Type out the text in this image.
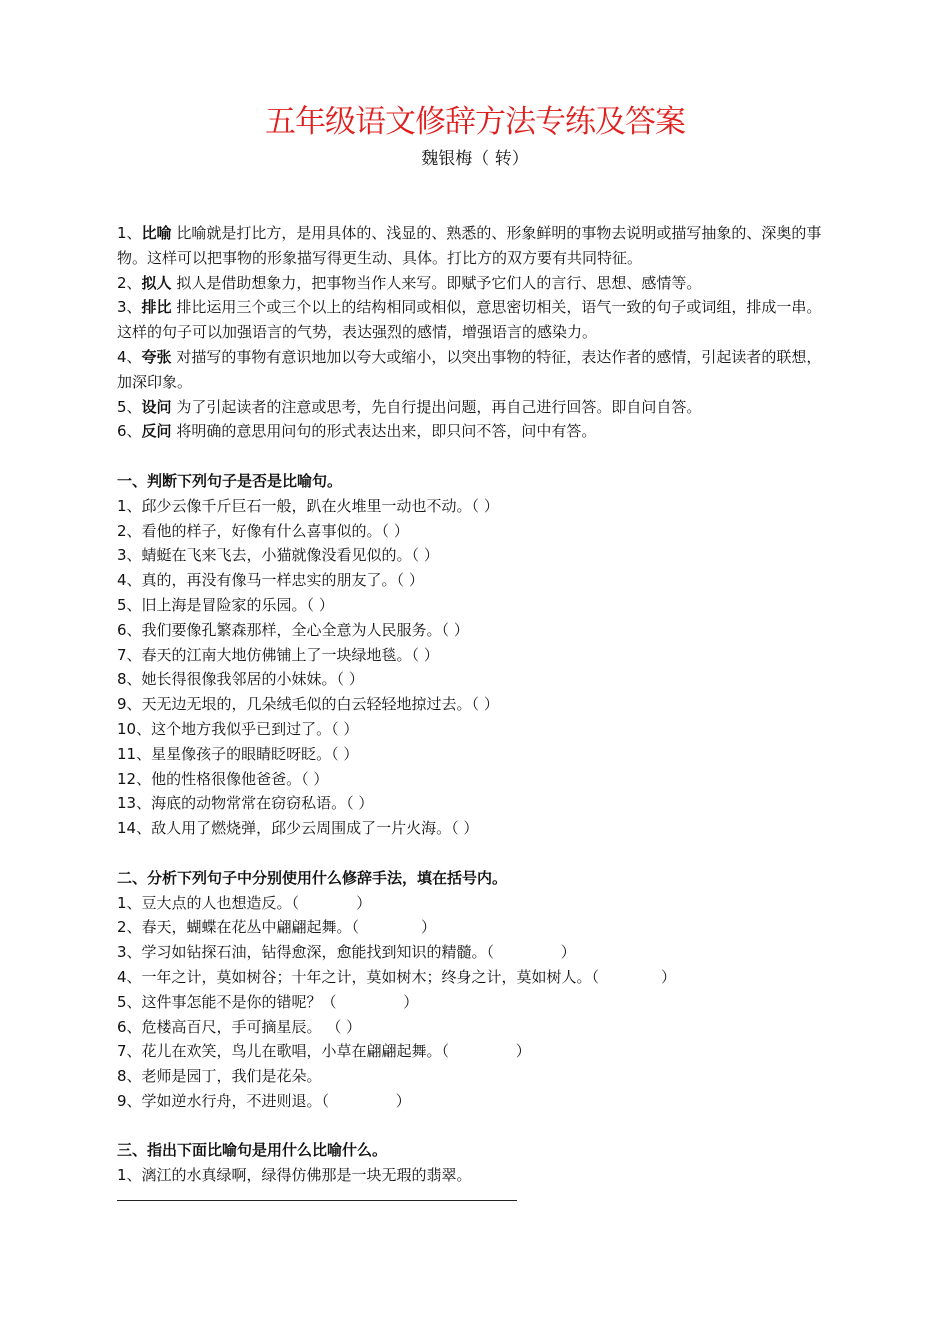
五年级语文修辞方法专练及答案
魏银梅（ 转）

1、比喻 比喻就是打比方，是用具体的、浅显的、熟悉的、形象鲜明的事物去说明或描写抽象的、深奥的事物。这样可以把事物的形象描写得更生动、具体。打比方的双方要有共同特征。

2、拟人 拟人是借助想象力，把事物当作人来写。即赋予它们人的言行、思想、感情等。

3、排比 排比运用三个或三个以上的结构相同或相似，意思密切相关，语气一致的句子或词组，排成一串。这样的句子可以加强语言的气势，表达强烈的感情，增强语言的感染力。

4、夸张 对描写的事物有意识地加以夸大或缩小，以突出事物的特征，表达作者的感情，引起读者的联想，加深印象。

5、设问 为了引起读者的注意或思考，先自行提出问题，再自己进行回答。即自问自答。

6、反问 将明确的意思用问句的形式表达出来，即只问不答，问中有答。

一、判断下列句子是否是比喻句。

1、邱少云像千斤巨石一般，趴在火堆里一动也不动。（ ）

2、看他的样子，好像有什么喜事似的。（ ）

3、蜻蜓在飞来飞去，小猫就像没看见似的。（ ）

4、真的，再没有像马一样忠实的朋友了。（ ）

5、旧上海是冒险家的乐园。（ ）

6、我们要像孔繁森那样，全心全意为人民服务。（ ）

7、春天的江南大地仿佛铺上了一块绿地毯。（ ）

8、她长得很像我邻居的小妹妹。（ ）

9、天无边无垠的，几朵绒毛似的白云轻轻地掠过去。（ ）

10、这个地方我似乎已到过了。（ ）

11、星星像孩子的眼睛眨呀眨。（ ）

12、他的性格很像他爸爸。（ ）

13、海底的动物常常在窃窃私语。（ ）

14、敌人用了燃烧弹，邱少云周围成了一片火海。（ ）

二、分析下列句子中分别使用什么修辞手法，填在括号内。

1、豆大点的人也想造反。（            ）

2、春天，蝴蝶在花丛中翩翩起舞。（             ）

3、学习如钻探石油，钻得愈深，愈能找到知识的精髓。（              ）

4、一年之计，莫如树谷；十年之计，莫如树木；终身之计，莫如树人。（             ）

5、这件事怎能不是你的错呢？（              ）

6、危楼高百尺，手可摘星辰。 （ ）

7、花儿在欢笑，鸟儿在歌唱，小草在翩翩起舞。（              ）

8、老师是园丁，我们是花朵。

9、学如逆水行舟，不进则退。（              ）

三、指出下面比喻句是用什么比喻什么。

1、漓江的水真绿啊，绿得仿佛那是一块无瑕的翡翠。
